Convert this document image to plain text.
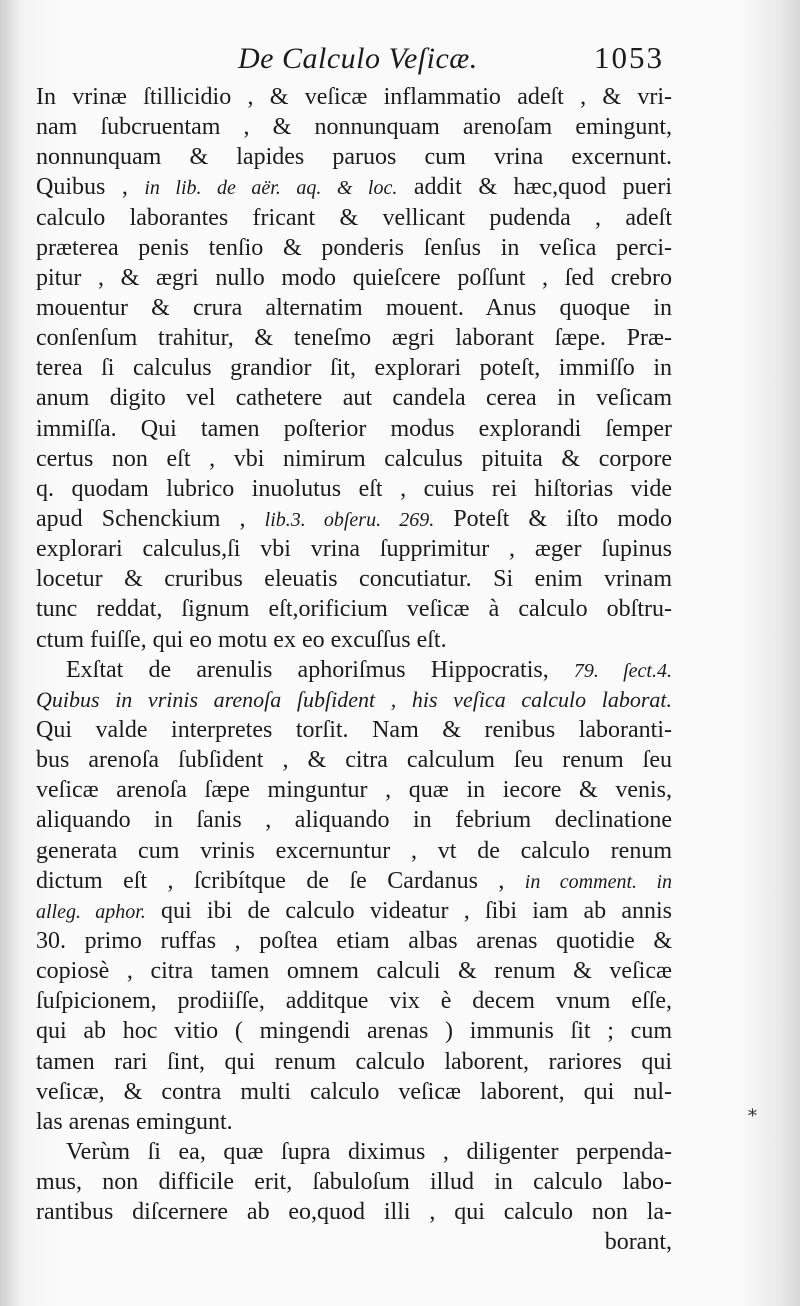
De Calculo Veſicæ.	1053
In vrinæ ſtillicidio , & veſicæ inflammatio adeſt , & vri-
nam ſubcruentam , & nonnunquam arenoſam emingunt,
nonnunquam & lapides paruos cum vrina excernunt.
Quibus , in lib. de aër. aq. & loc. addit & hæc,quod pueri
calculo laborantes fricant & vellicant pudenda , adeſt
præterea penis tenſio & ponderis ſenſus in veſica perci-
pitur , & ægri nullo modo quieſcere poſſunt , ſed crebro
mouentur & crura alternatim mouent. Anus quoque in
conſenſum trahitur, & teneſmo ægri laborant ſæpe. Præ-
terea ſi calculus grandior ſit, explorari poteſt, immiſſo in
anum digito vel cathetere aut candela cerea in veſicam
immiſſa. Qui tamen poſterior modus explorandi ſemper
certus non eſt , vbi nimirum calculus pituita & corpore
q. quodam lubrico inuolutus eſt , cuius rei hiſtorias vide
apud Schenckium , lib.3. obſeru. 269. Poteſt & iſto modo
explorari calculus,ſi vbi vrina ſupprimitur , æger ſupinus
locetur & cruribus eleuatis concutiatur. Si enim vrinam
tunc reddat, ſignum eſt,orificium veſicæ à calculo obſtru-
ctum fuiſſe, qui eo motu ex eo excuſſus eſt.
Exſtat de arenulis aphoriſmus Hippocratis, 79. ſect.4.
Quibus in vrinis arenoſa ſubſident , his veſica calculo laborat.
Qui valde interpretes torſit. Nam & renibus laboranti-
bus arenoſa ſubſident , & citra calculum ſeu renum ſeu
veſicæ arenoſa ſæpe minguntur , quæ in iecore & venis,
aliquando in ſanis , aliquando in febrium declinatione
generata cum vrinis excernuntur , vt de calculo renum
dictum eſt , ſcribítque de ſe Cardanus , in comment. in
alleg. aphor. qui ibi de calculo videatur , ſibi iam ab annis
30. primo ruffas , poſtea etiam albas arenas quotidie &
copiosè , citra tamen omnem calculi & renum & veſicæ
ſuſpicionem, prodiiſſe, additque vix è decem vnum eſſe,
qui ab hoc vitio ( mingendi arenas ) immunis ſit ; cum
tamen rari ſint, qui renum calculo laborent, rariores qui
veſicæ, & contra multi calculo veſicæ laborent, qui nul-
las arenas emingunt.
Verùm ſi ea, quæ ſupra diximus , diligenter perpenda-
mus, non difficile erit, ſabuloſum illud in calculo labo-
rantibus diſcernere ab eo,quod illi , qui calculo non la-
borant,
⁎
